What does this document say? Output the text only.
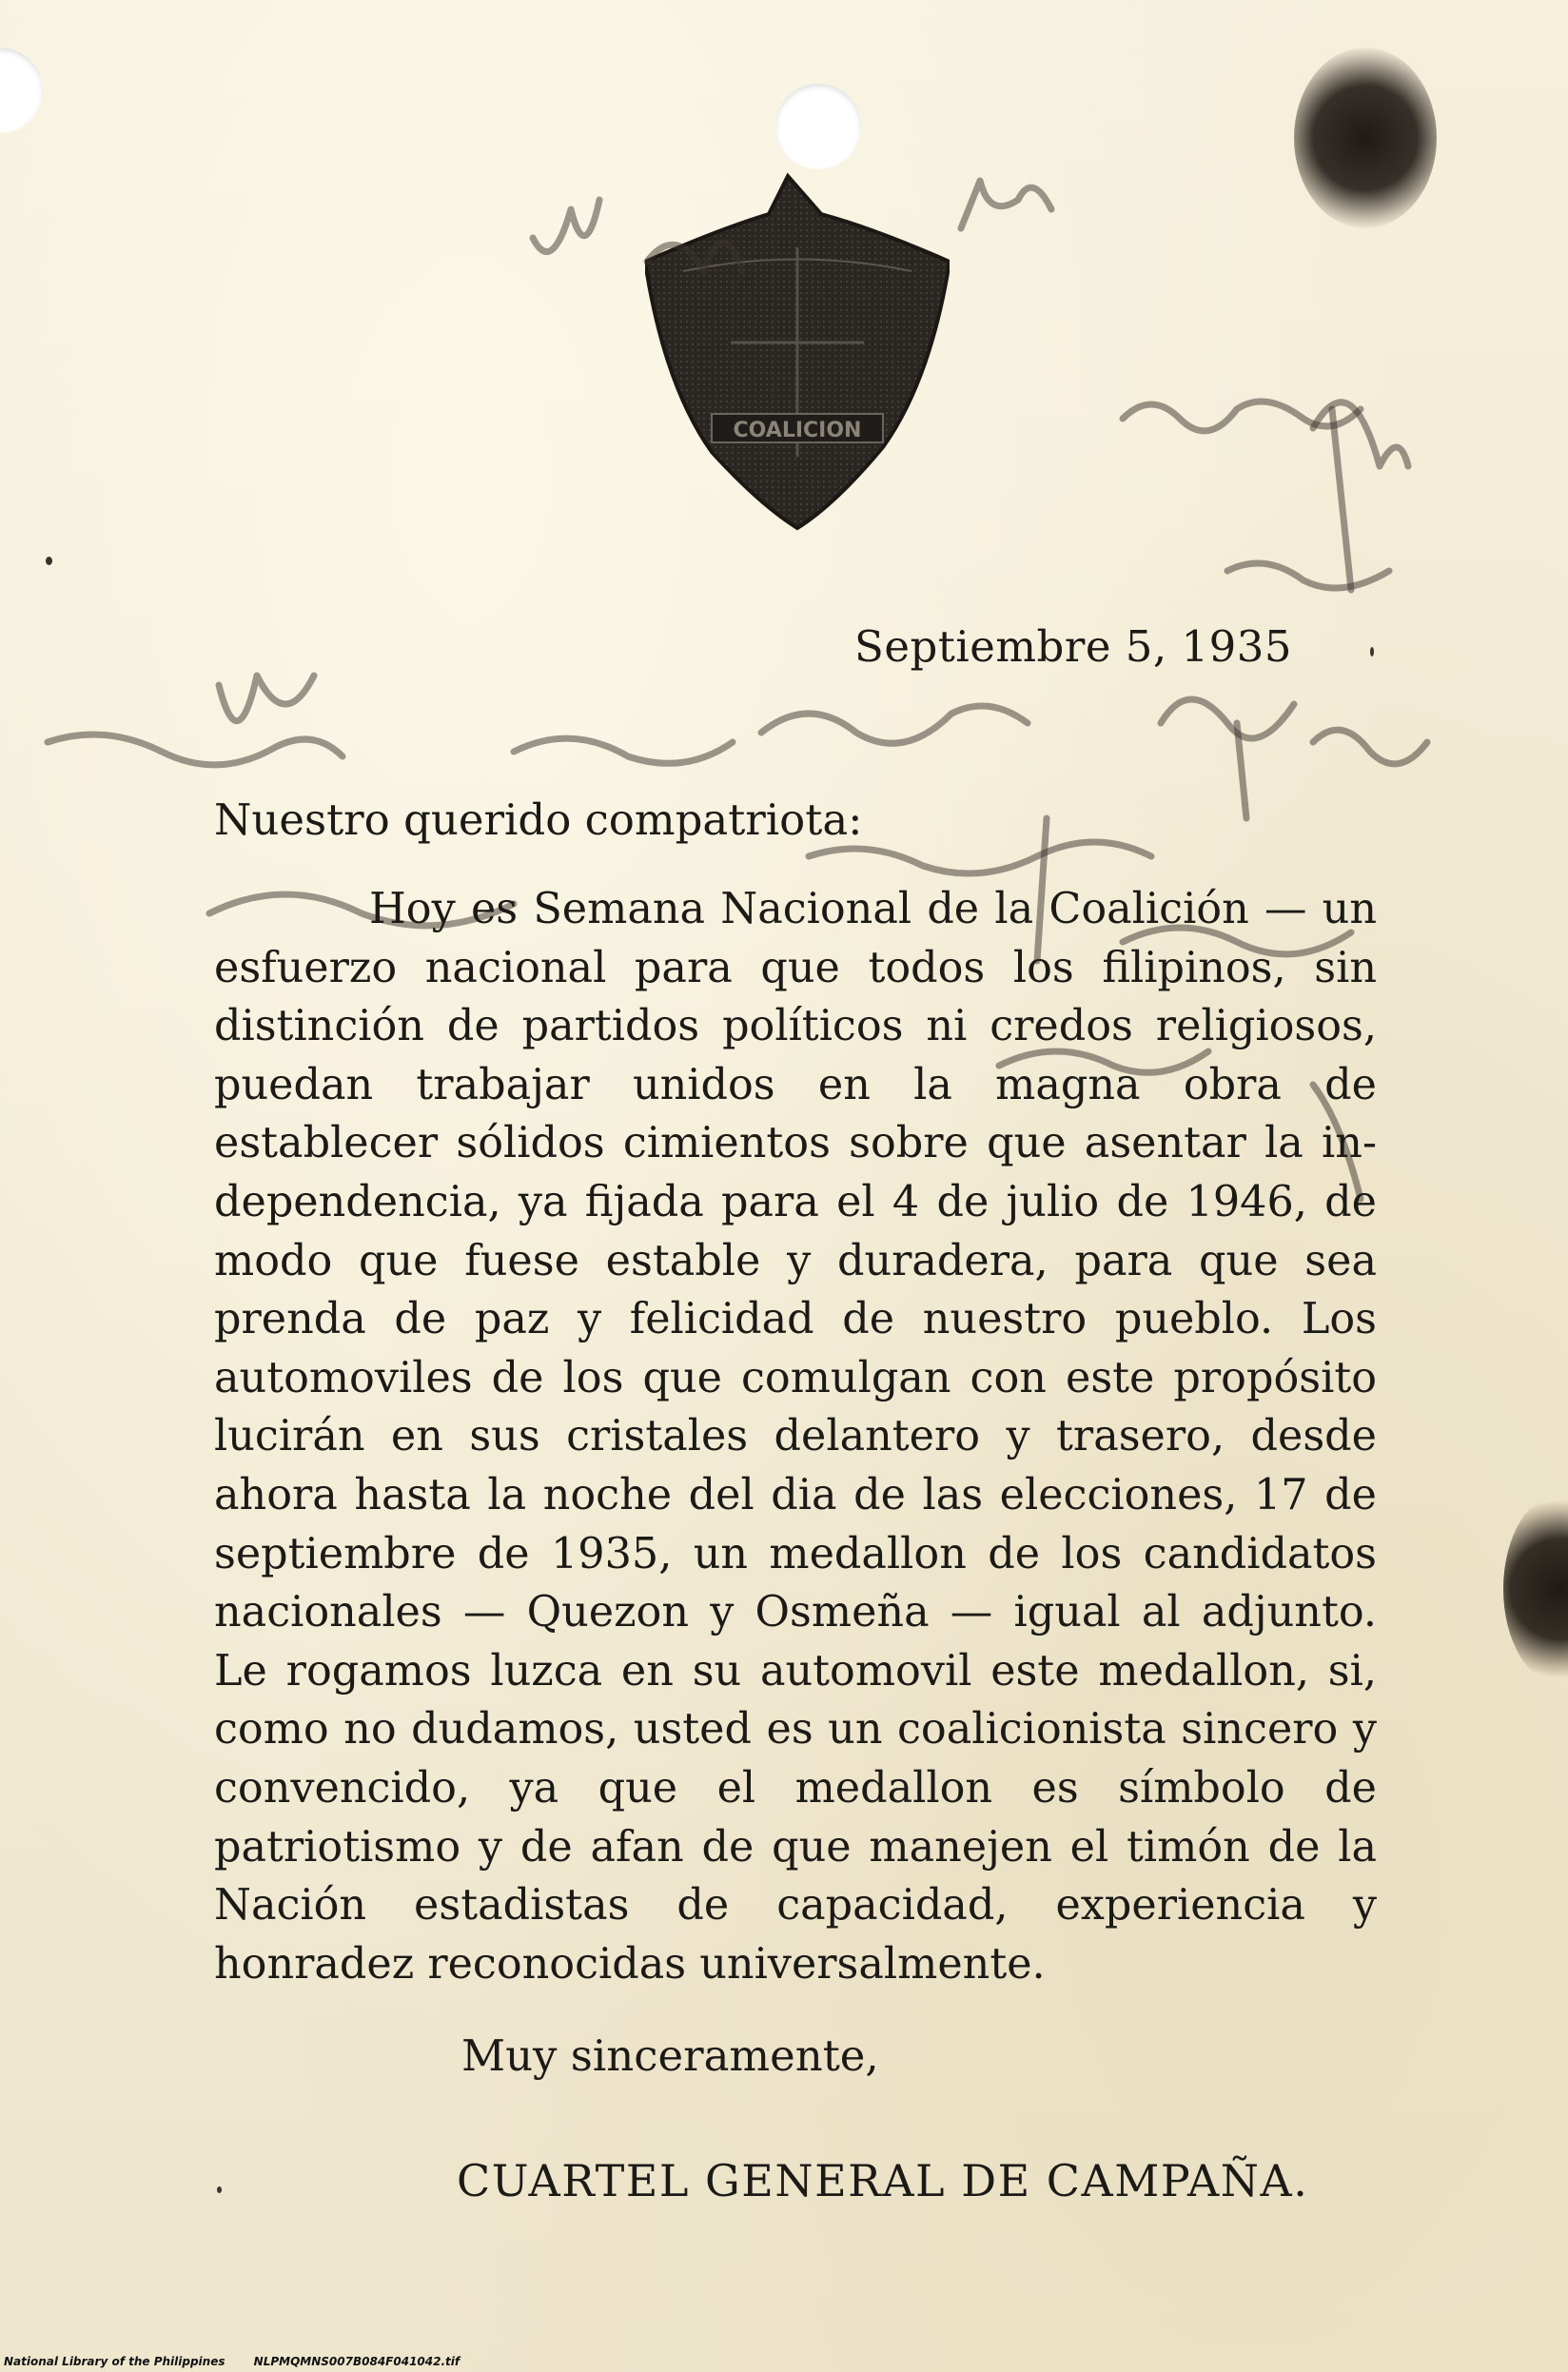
COALICION
Septiembre 5, 1935
Nuestro querido compatriota:
Hoy es Semana Nacional de la Coalición — un esfuerzo nacional para que todos los filipinos, sin distinción de partidos políticos ni credos religiosos, puedan trabajar unidos en la magna obra de establecer sólidos cimientos sobre que asentar la independencia, ya fijada para el 4 de julio de 1946, de modo que fuese estable y duradera, para que sea prenda de paz y felicidad de nuestro pueblo. Los automoviles de los que comulgan con este propósito lucirán en sus cristales delantero y trasero, desde ahora hasta la noche del dia de las elecciones, 17 de septiembre de 1935, un medallon de los candidatos nacionales — Quezon y Osmeña — igual al adjunto. Le rogamos luzca en su automovil este medallon, si, como no dudamos, usted es un coalicionista sincero y convencido, ya que el medallon es símbolo de patriotismo y de afan de que manejen el timón de la Nación estadistas de capacidad, experiencia y honradez reconocidas universalmente.
Muy sinceramente,
CUARTEL GENERAL DE CAMPAÑA.
National Library of the Philippines	NLPMQMNS007B084F041042.tif
